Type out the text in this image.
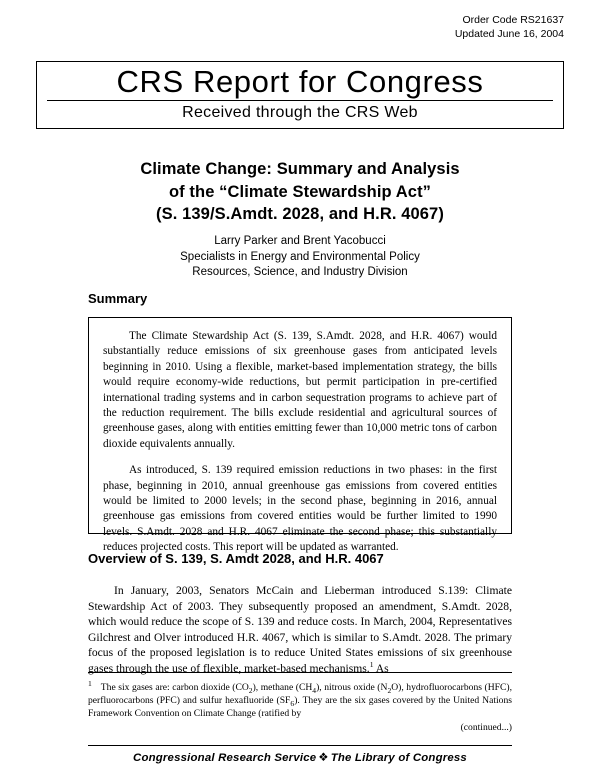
Order Code RS21637
Updated June 16, 2004
CRS Report for Congress
Received through the CRS Web
Climate Change: Summary and Analysis
of the “Climate Stewardship Act”
(S. 139/S.Amdt. 2028, and H.R. 4067)
Larry Parker and Brent Yacobucci
Specialists in Energy and Environmental Policy
Resources, Science, and Industry Division
Summary

The Climate Stewardship Act (S. 139, S.Amdt. 2028, and H.R. 4067) would substantially reduce emissions of six greenhouse gases from anticipated levels beginning in 2010. Using a flexible, market-based implementation strategy, the bills would require economy-wide reductions, but permit participation in pre-certified international trading systems and in carbon sequestration programs to achieve part of the reduction requirement. The bills exclude residential and agricultural sources of greenhouse gases, along with entities emitting fewer than 10,000 metric tons of carbon dioxide equivalents annually.

As introduced, S. 139 required emission reductions in two phases: in the first phase, beginning in 2010, annual greenhouse gas emissions from covered entities would be limited to 2000 levels; in the second phase, beginning in 2016, annual greenhouse gas emissions from covered entities would be further limited to 1990 levels. S.Amdt. 2028 and H.R. 4067 eliminate the second phase; this substantially reduces projected costs. This report will be updated as warranted.

Overview of S. 139, S. Amdt 2028, and H.R. 4067

In January, 2003, Senators McCain and Lieberman introduced S.139: Climate Stewardship Act of 2003. They subsequently proposed an amendment, S.Amdt. 2028, which would reduce the scope of S. 139 and reduce costs. In March, 2004, Representatives Gilchrest and Olver introduced H.R. 4067, which is similar to S.Amdt. 2028. The primary focus of the proposed legislation is to reduce United States emissions of six greenhouse gases through the use of flexible, market-based mechanisms.$^1$ As

$^1$ The six gases are: carbon dioxide $(CO_2)$, methane $(CH_4)$, nitrous oxide $(N_2O)$, hydrofluorocarbons (HFC), perfluorocarbons (PFC) and sulfur hexafluoride $(SF_6)$. They are the six gases covered by the United Nations Framework Convention on Climate Change (ratified by

(continued...)
Congressional Research Service ❖ The Library of Congress
